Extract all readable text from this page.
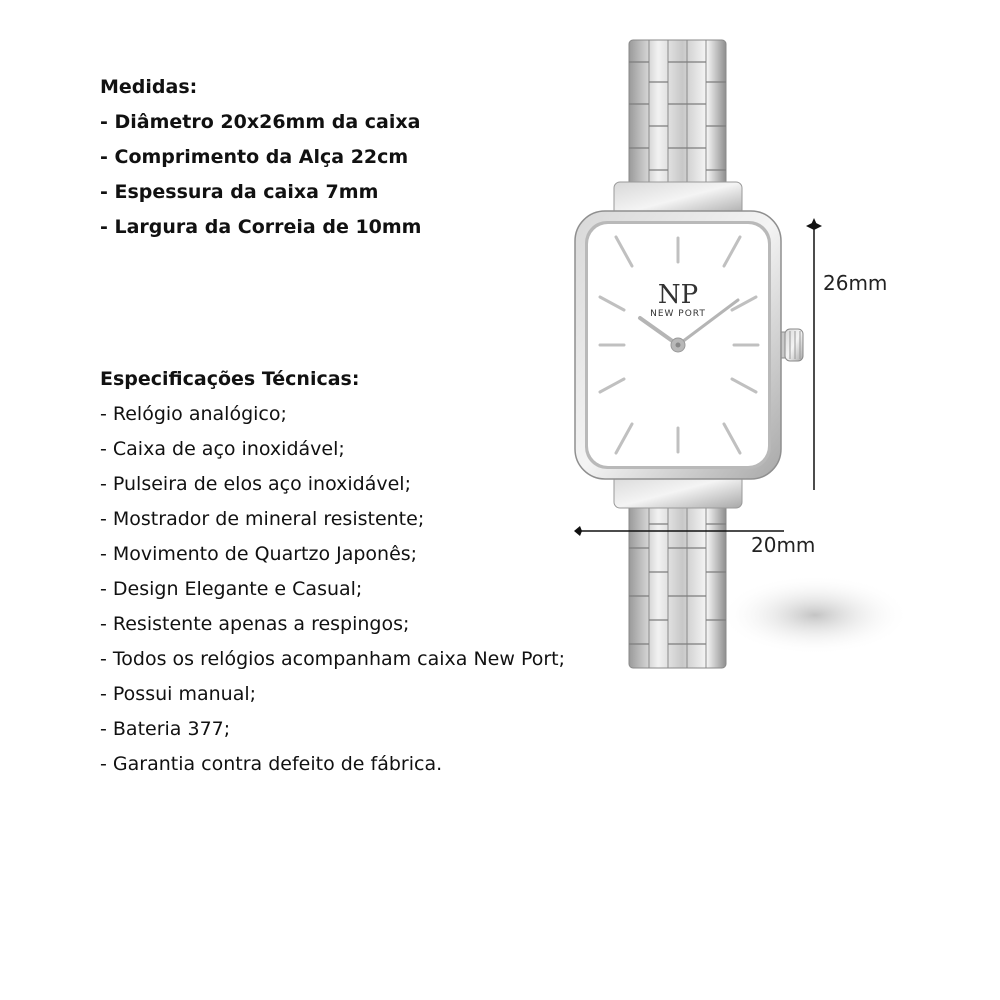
Medidas:
- Diâmetro 20x26mm da caixa
- Comprimento da Alça 22cm
- Espessura da caixa 7mm
- Largura da Correia de 10mm
Especificações Técnicas:
- Relógio analógico;
- Caixa de aço inoxidável;
- Pulseira de elos aço inoxidável;
- Mostrador de mineral resistente;
- Movimento de Quartzo Japonês;
- Design Elegante e Casual;
- Resistente apenas a respingos;
- Todos os relógios acompanham caixa New Port;
- Possui manual;
- Bateria 377;
- Garantia contra defeito de fábrica.
NP
NEW PORT
26mm
20mm
